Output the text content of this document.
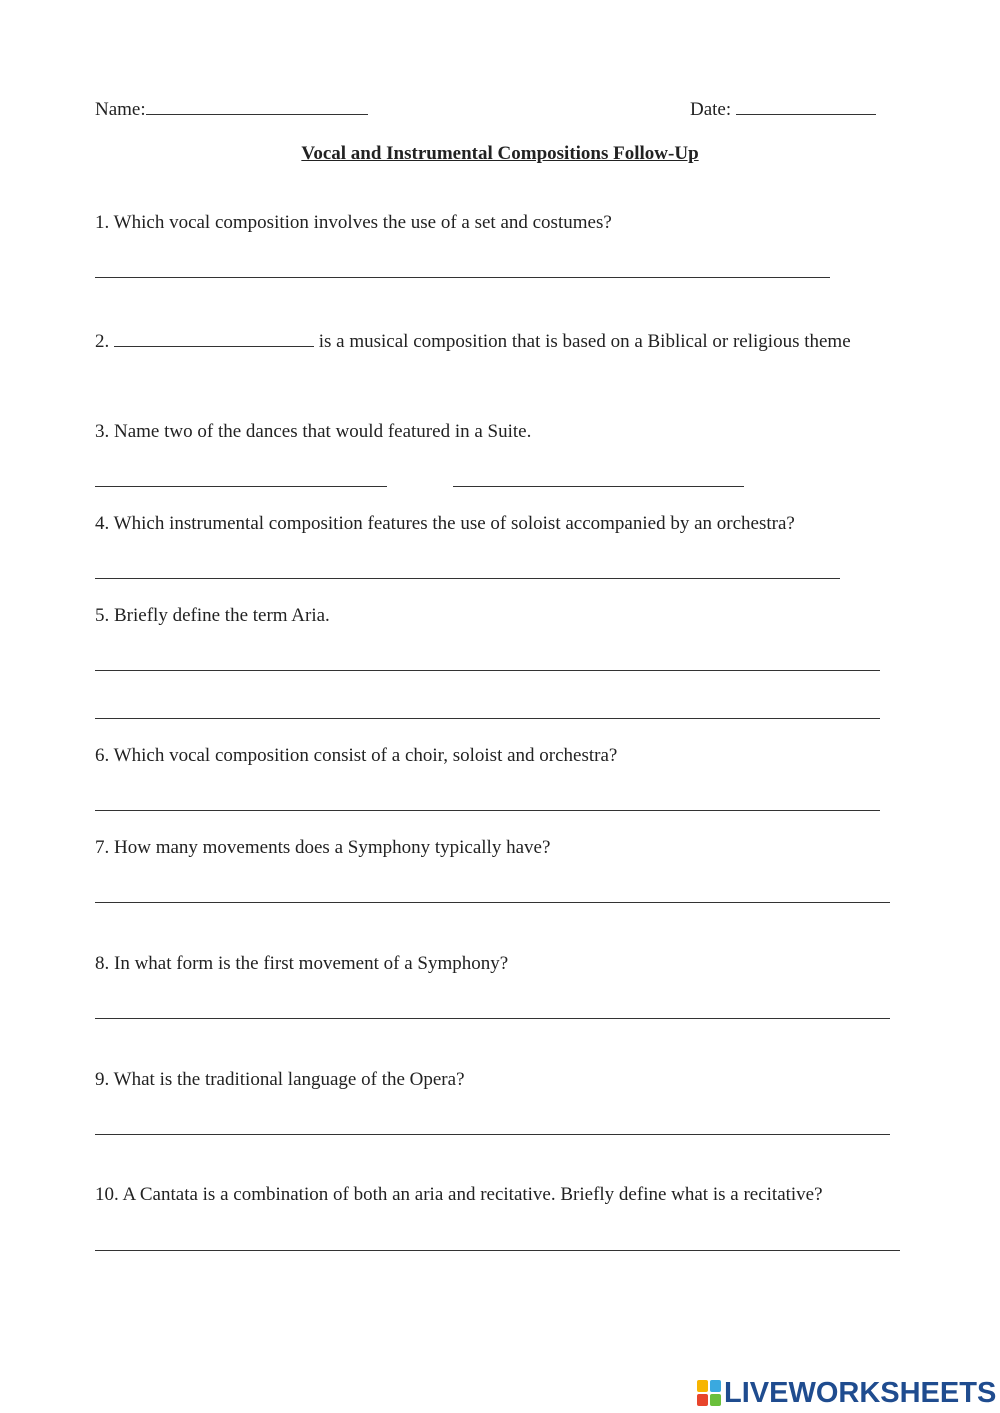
Name:	Date:
Vocal and Instrumental Compositions Follow-Up
1. Which vocal composition involves the use of a set and costumes?
2.	is a musical composition that is based on a Biblical or religious theme
3. Name two of the dances that would featured in a Suite.
4. Which instrumental composition features the use of soloist accompanied by an orchestra?
5. Briefly define the term Aria.
6. Which vocal composition consist of a choir, soloist and orchestra?
7. How many movements does a Symphony typically have?
8. In what form is the first movement of a Symphony?
9. What is the traditional language of the Opera?
10. A Cantata is a combination of both an aria and recitative. Briefly define what is a recitative?
LIVEWORKSHEETS
